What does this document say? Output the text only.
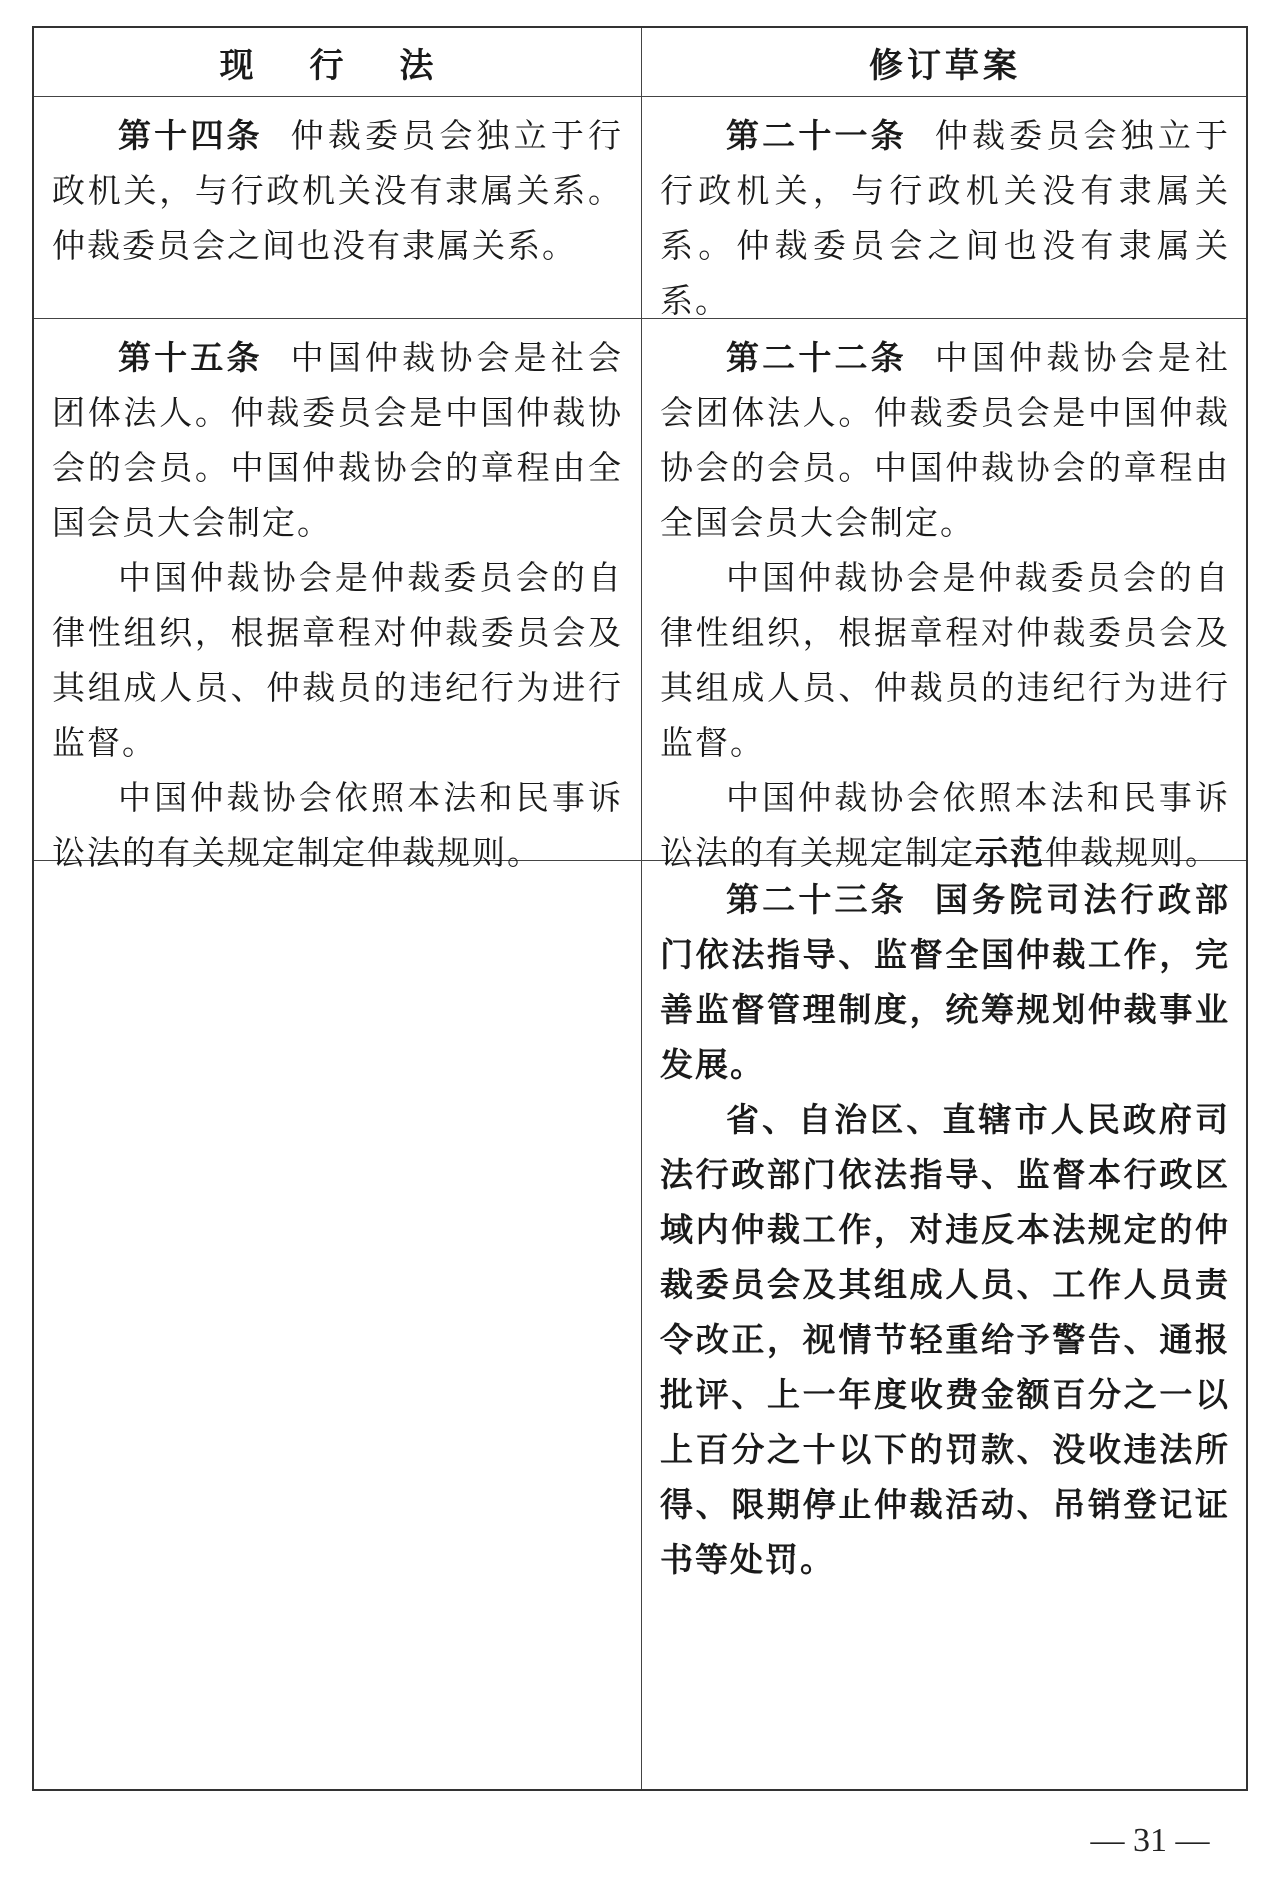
现 行 法	修订草案

第十四条 仲裁委员会独立于行政机关，与行政机关没有隶属关系。仲裁委员会之间也没有隶属关系。

第二十一条 仲裁委员会独立于行政机关，与行政机关没有隶属关系。仲裁委员会之间也没有隶属关系。

第十五条 中国仲裁协会是社会团体法人。仲裁委员会是中国仲裁协会的会员。中国仲裁协会的章程由全国会员大会制定。

中国仲裁协会是仲裁委员会的自律性组织，根据章程对仲裁委员会及其组成人员、仲裁员的违纪行为进行监督。

中国仲裁协会依照本法和民事诉讼法的有关规定制定仲裁规则。

第二十二条 中国仲裁协会是社会团体法人。仲裁委员会是中国仲裁协会的会员。中国仲裁协会的章程由全国会员大会制定。

中国仲裁协会是仲裁委员会的自律性组织，根据章程对仲裁委员会及其组成人员、仲裁员的违纪行为进行监督。

中国仲裁协会依照本法和民事诉讼法的有关规定制定示范仲裁规则。

第二十三条 国务院司法行政部门依法指导、监督全国仲裁工作，完善监督管理制度，统筹规划仲裁事业发展。

省、自治区、直辖市人民政府司法行政部门依法指导、监督本行政区域内仲裁工作，对违反本法规定的仲裁委员会及其组成人员、工作人员责令改正，视情节轻重给予警告、通报批评、上一年度收费金额百分之一以上百分之十以下的罚款、没收违法所得、限期停止仲裁活动、吊销登记证书等处罚。

— 31 —
